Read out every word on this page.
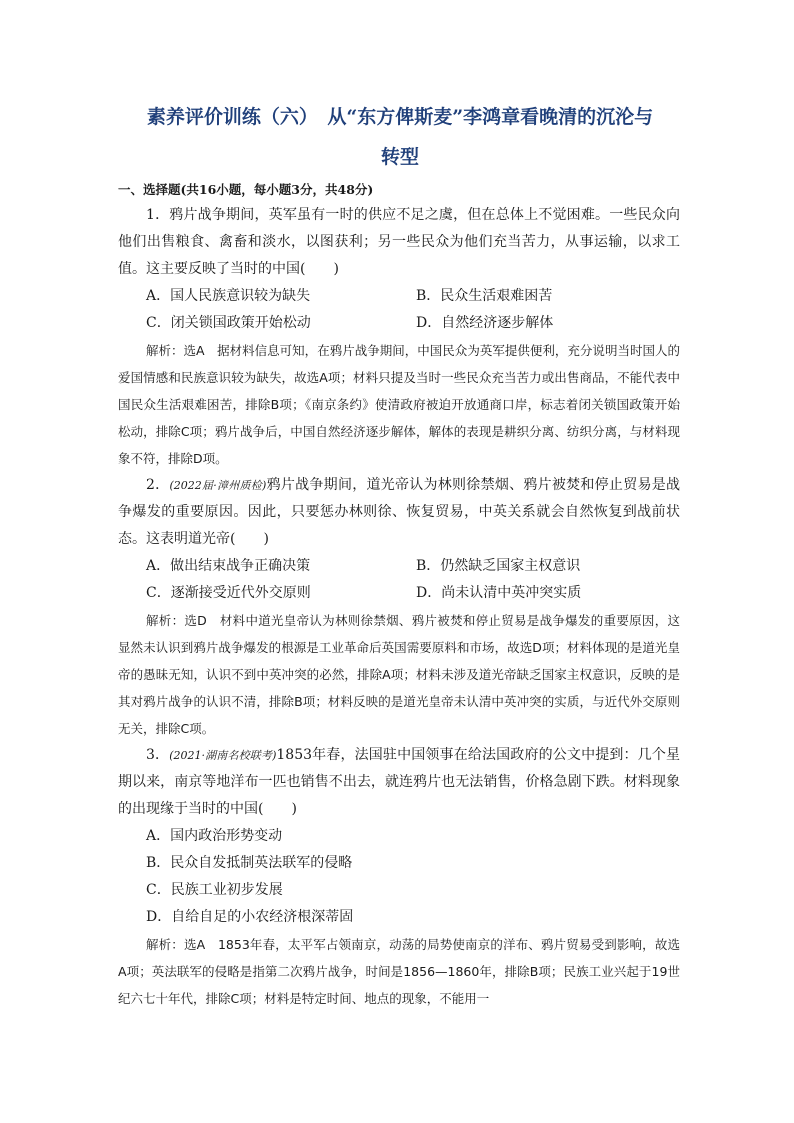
素养评价训练（六）　从“东方俾斯麦”李鸿章看晚清的沉沦与
转型
一、选择题(共16小题，每小题3分，共48分)

1．鸦片战争期间，英军虽有一时的供应不足之虞，但在总体上不觉困难。一些民众向他们出售粮食、禽畜和淡水，以图获利；另一些民众为他们充当苦力，从事运输，以求工值。这主要反映了当时的中国(　　)

A．国人民族意识较为缺失	B．民众生活艰难困苦
C．闭关锁国政策开始松动	D．自然经济逐步解体

解析：选A　据材料信息可知，在鸦片战争期间，中国民众为英军提供便利，充分说明当时国人的爱国情感和民族意识较为缺失，故选A项；材料只提及当时一些民众充当苦力或出售商品，不能代表中国民众生活艰难困苦，排除B项；《南京条约》使清政府被迫开放通商口岸，标志着闭关锁国政策开始松动，排除C项；鸦片战争后，中国自然经济逐步解体，解体的表现是耕织分离、纺织分离，与材料现象不符，排除D项。

2．(2022届·漳州质检)鸦片战争期间，道光帝认为林则徐禁烟、鸦片被焚和停止贸易是战争爆发的重要原因。因此，只要惩办林则徐、恢复贸易，中英关系就会自然恢复到战前状态。这表明道光帝(　　)

A．做出结束战争正确决策	B．仍然缺乏国家主权意识
C．逐渐接受近代外交原则	D．尚未认清中英冲突实质

解析：选D　材料中道光皇帝认为林则徐禁烟、鸦片被焚和停止贸易是战争爆发的重要原因，这显然未认识到鸦片战争爆发的根源是工业革命后英国需要原料和市场，故选D项；材料体现的是道光皇帝的愚昧无知，认识不到中英冲突的必然，排除A项；材料未涉及道光帝缺乏国家主权意识，反映的是其对鸦片战争的认识不清，排除B项；材料反映的是道光皇帝未认清中英冲突的实质，与近代外交原则无关，排除C项。

3．(2021·湖南名校联考)1853年春，法国驻中国领事在给法国政府的公文中提到：几个星期以来，南京等地洋布一匹也销售不出去，就连鸦片也无法销售，价格急剧下跌。材料现象的出现缘于当时的中国(　　)

A．国内政治形势变动
B．民众自发抵制英法联军的侵略
C．民族工业初步发展
D．自给自足的小农经济根深蒂固

解析：选A　1853年春，太平军占领南京，动荡的局势使南京的洋布、鸦片贸易受到影响，故选A项；英法联军的侵略是指第二次鸦片战争，时间是1856—1860年，排除B项；民族工业兴起于19世纪六七十年代，排除C项；材料是特定时间、地点的现象，不能用一
